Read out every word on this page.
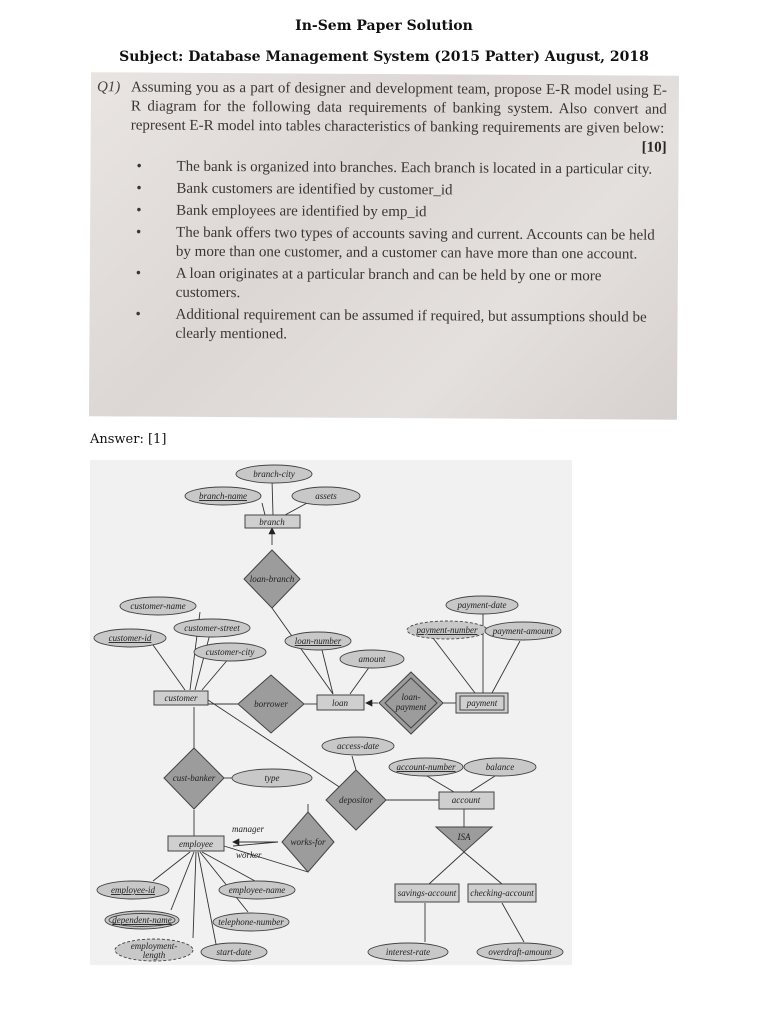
In-Sem Paper Solution
Subject: Database Management System (2015 Patter) August, 2018
Q1) Assuming you as a part of designer and development team, propose E-R model using E-R diagram for the following data requirements of banking system. Also convert and represent E-R model into tables characteristics of banking requirements are given below:
[10]
• The bank is organized into branches. Each branch is located in a particular city.
• Bank customers are identified by customer_id
• Bank employees are identified by emp_id
• The bank offers two types of accounts saving and current. Accounts can be held by more than one customer, and a customer can have more than one account.
• A loan originates at a particular branch and can be held by one or more customers.
• Additional requirement can be assumed if required, but assumptions should be clearly mentioned.
Answer: [1]
branch-city
branch-name	assets
customer-name
customer-id
customer-street
customer-city
loan-number
amount
payment-date
payment-number payment-amount
type
access-date
account-number	balance
employee-id	employee-name
dependent-name	telephone-number
employment-
length	start-date	interest-rate	overdraft-amount
loan-branch
borrower
loan-
payment
cust-banker
depositor
works-for	ISA
manager
worker
branch
customer	loan	payment
employee
account
savings-account checking-account
